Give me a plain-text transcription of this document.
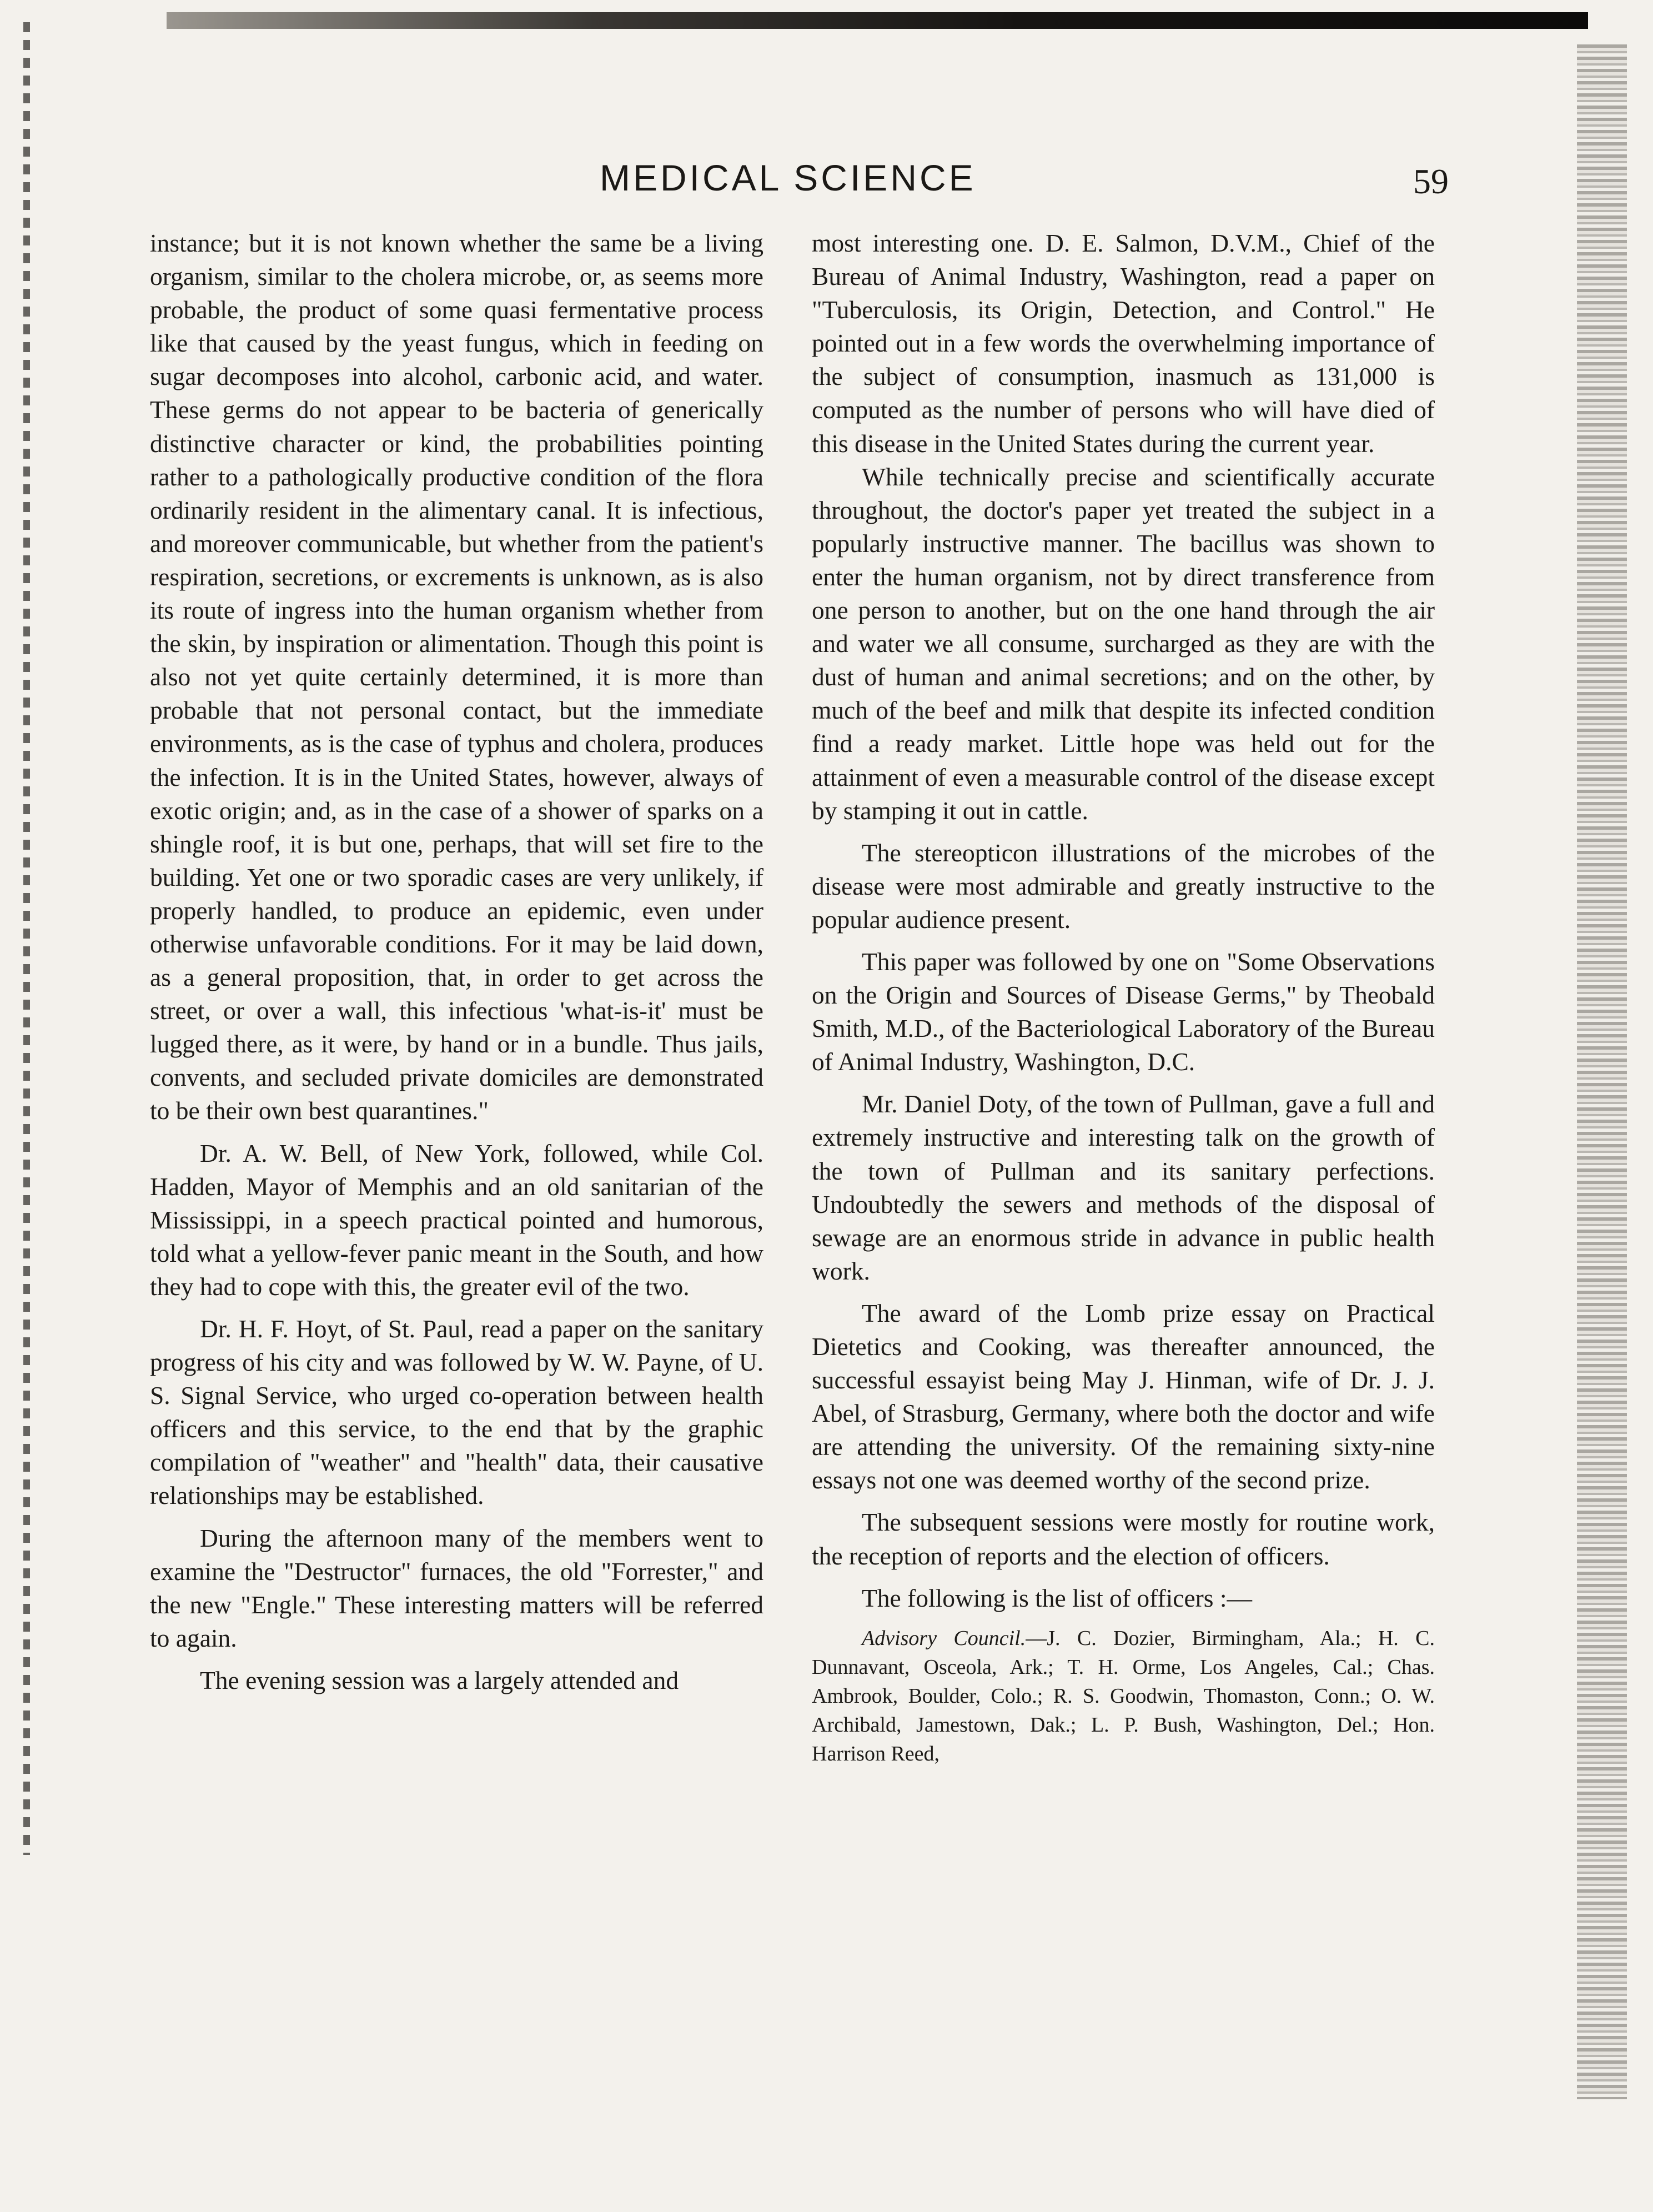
MEDICAL SCIENCE	59

instance; but it is not known whether the same be a living organism, similar to the cholera microbe, or, as seems more probable, the product of some quasi fermentative process like that caused by the yeast fungus, which in feeding on sugar decomposes into alcohol, carbonic acid, and water. These germs do not appear to be bacteria of generically distinctive character or kind, the probabilities pointing rather to a pathologically productive condition of the flora ordinarily resident in the alimentary canal. It is infectious, and moreover communicable, but whether from the patient's respiration, secretions, or excrements is unknown, as is also its route of ingress into the human organism whether from the skin, by inspiration or alimentation. Though this point is also not yet quite certainly determined, it is more than probable that not personal contact, but the immediate environments, as is the case of typhus and cholera, produces the infection. It is in the United States, however, always of exotic origin; and, as in the case of a shower of sparks on a shingle roof, it is but one, perhaps, that will set fire to the building. Yet one or two sporadic cases are very unlikely, if properly handled, to produce an epidemic, even under otherwise unfavorable conditions. For it may be laid down, as a general proposition, that, in order to get across the street, or over a wall, this infectious 'what-is-it' must be lugged there, as it were, by hand or in a bundle. Thus jails, convents, and secluded private domiciles are demonstrated to be their own best quarantines."

Dr. A. W. Bell, of New York, followed, while Col. Hadden, Mayor of Memphis and an old sanitarian of the Mississippi, in a speech practical pointed and humorous, told what a yellow-fever panic meant in the South, and how they had to cope with this, the greater evil of the two.

Dr. H. F. Hoyt, of St. Paul, read a paper on the sanitary progress of his city and was followed by W. W. Payne, of U. S. Signal Service, who urged co-operation between health officers and this service, to the end that by the graphic compilation of "weather" and "health" data, their causative relationships may be established.

During the afternoon many of the members went to examine the "Destructor" furnaces, the old "Forrester," and the new "Engle." These interesting matters will be referred to again.

The evening session was a largely attended and

most interesting one. D. E. Salmon, D.V.M., Chief of the Bureau of Animal Industry, Washington, read a paper on "Tuberculosis, its Origin, Detection, and Control." He pointed out in a few words the overwhelming importance of the subject of consumption, inasmuch as 131,000 is computed as the number of persons who will have died of this disease in the United States during the current year.

While technically precise and scientifically accurate throughout, the doctor's paper yet treated the subject in a popularly instructive manner. The bacillus was shown to enter the human organism, not by direct transference from one person to another, but on the one hand through the air and water we all consume, surcharged as they are with the dust of human and animal secretions; and on the other, by much of the beef and milk that despite its infected condition find a ready market. Little hope was held out for the attainment of even a measurable control of the disease except by stamping it out in cattle.

The stereopticon illustrations of the microbes of the disease were most admirable and greatly instructive to the popular audience present.

This paper was followed by one on "Some Observations on the Origin and Sources of Disease Germs," by Theobald Smith, M.D., of the Bacteriological Laboratory of the Bureau of Animal Industry, Washington, D.C.

Mr. Daniel Doty, of the town of Pullman, gave a full and extremely instructive and interesting talk on the growth of the town of Pullman and its sanitary perfections. Undoubtedly the sewers and methods of the disposal of sewage are an enormous stride in advance in public health work.

The award of the Lomb prize essay on Practical Dietetics and Cooking, was thereafter announced, the successful essayist being May J. Hinman, wife of Dr. J. J. Abel, of Strasburg, Germany, where both the doctor and wife are attending the university. Of the remaining sixty-nine essays not one was deemed worthy of the second prize.

The subsequent sessions were mostly for routine work, the reception of reports and the election of officers.

The following is the list of officers :—

Advisory Council.—J. C. Dozier, Birmingham, Ala.; H. C. Dunnavant, Osceola, Ark.; T. H. Orme, Los Angeles, Cal.; Chas. Ambrook, Boulder, Colo.; R. S. Goodwin, Thomaston, Conn.; O. W. Archibald, Jamestown, Dak.; L. P. Bush, Washington, Del.; Hon. Harrison Reed,
